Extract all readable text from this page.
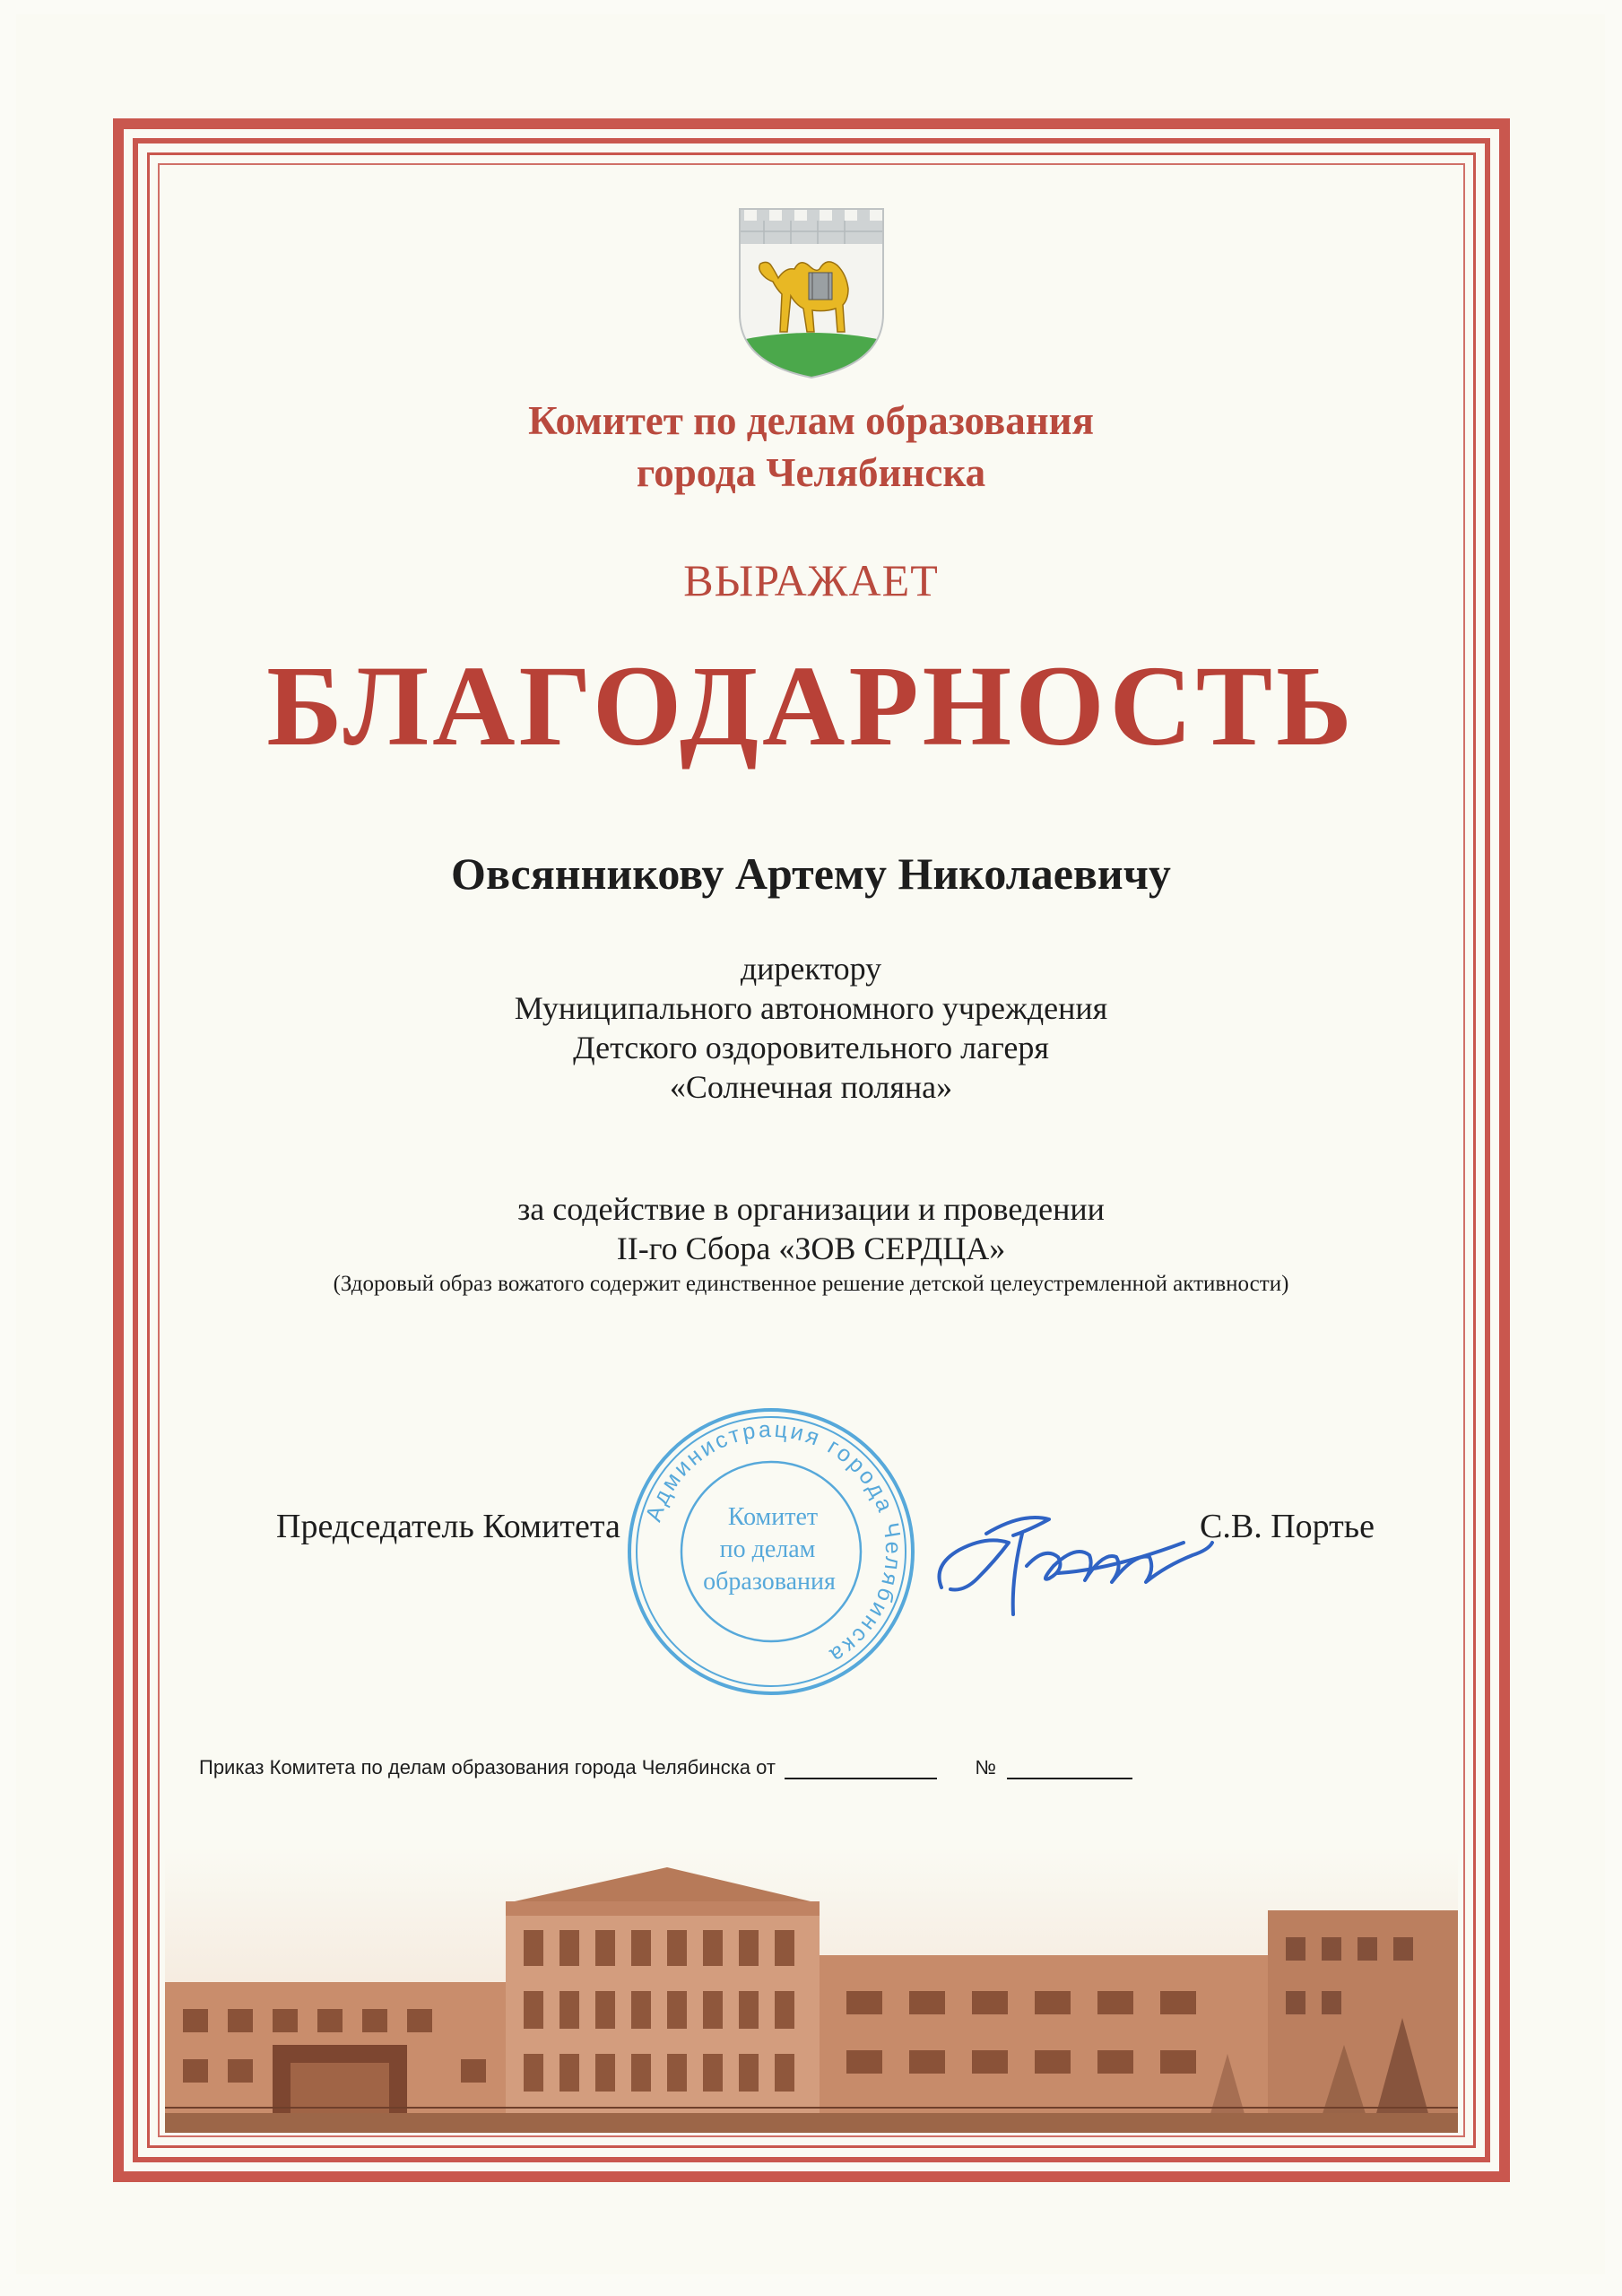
Комитет по делам образования
города Челябинска
ВЫРАЖАЕТ
БЛАГОДАРНОСТЬ
Овсянникову Артему Николаевичу
директору
Муниципального автономного учреждения
Детского оздоровительного лагеря
«Солнечная поляна»
за содействие в организации и проведении
II-го Сбора «ЗОВ СЕРДЦА»
(Здоровый образ вожатого содержит единственное решение детской целеустремленной активности)
Администрация города Челябинска
Комитет
по делам
образования
Председатель Комитета	С.В. Портье
Приказ Комитета по делам образования города Челябинска от	№
